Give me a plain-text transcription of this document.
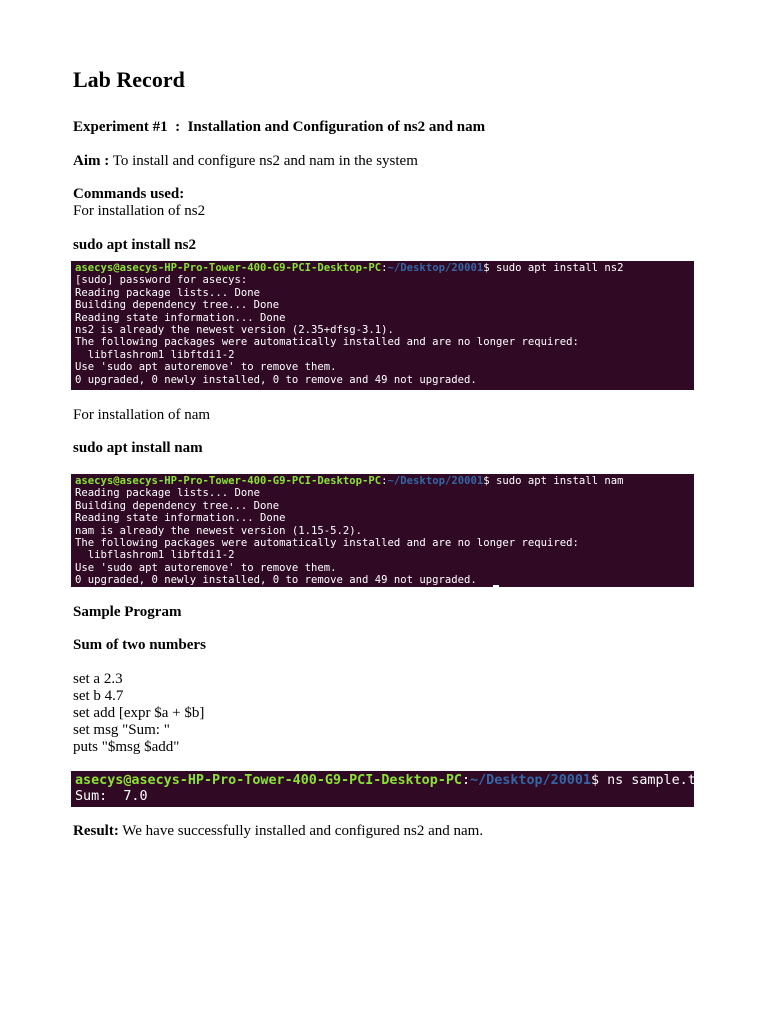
Lab Record

Experiment #1  :  Installation and Configuration of ns2 and nam

Aim : To install and configure ns2 and nam in the system

Commands used:

For installation of ns2

sudo apt install ns2

asecys@asecys-HP-Pro-Tower-400-G9-PCI-Desktop-PC:~/Desktop/20001$ sudo apt install ns2
[sudo] password for asecys:
Reading package lists... Done
Building dependency tree... Done
Reading state information... Done
ns2 is already the newest version (2.35+dfsg-3.1).
The following packages were automatically installed and are no longer required:
libflashrom1 libftdi1-2
Use 'sudo apt autoremove' to remove them.
0 upgraded, 0 newly installed, 0 to remove and 49 not upgraded.

For installation of nam

sudo apt install nam

asecys@asecys-HP-Pro-Tower-400-G9-PCI-Desktop-PC:~/Desktop/20001$ sudo apt install nam
Reading package lists... Done
Building dependency tree... Done
Reading state information... Done
nam is already the newest version (1.15-5.2).
The following packages were automatically installed and are no longer required:
libflashrom1 libftdi1-2
Use 'sudo apt autoremove' to remove them.
0 upgraded, 0 newly installed, 0 to remove and 49 not upgraded.

Sample Program

Sum of two numbers

set a 2.3

set b 4.7

set add [expr $a + $b]

set msg "Sum: "

puts "$msg $add"

asecys@asecys-HP-Pro-Tower-400-G9-PCI-Desktop-PC:~/Desktop/20001$ ns sample.tcl
Sum:  7.0

Result: We have successfully installed and configured ns2 and nam.
